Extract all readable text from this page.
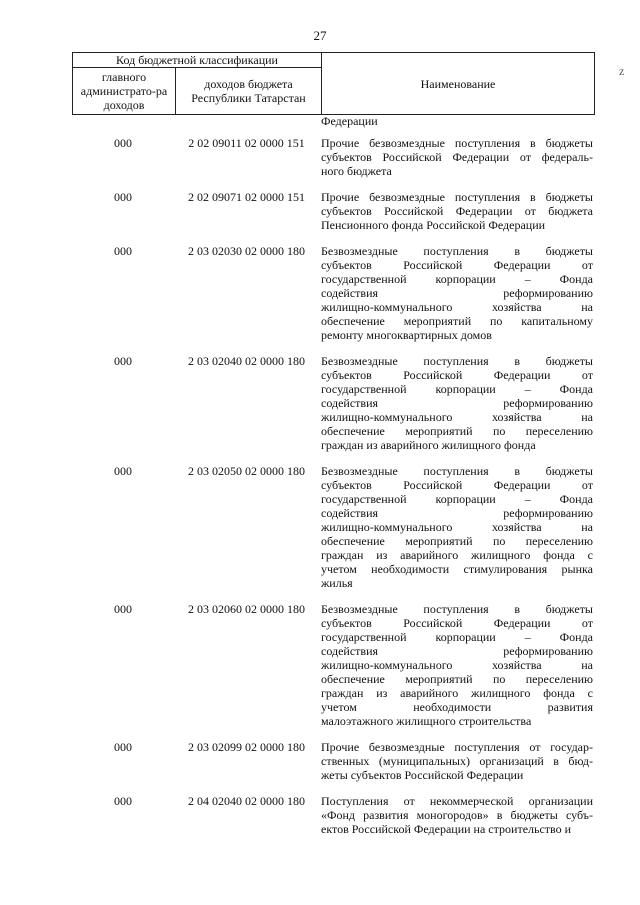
27
Код бюджетной классификации		Наименование
главного администрато-ра доходов	доходов бюджета Республики Татарстан	
z
Федерации
000	2 02 09011 02 0000 151	Прочие безвозмездные поступления в бюджеты
субъектов Российской Федерации от федераль-
ного бюджета
000	2 02 09071 02 0000 151	Прочие безвозмездные поступления в бюджеты
субъектов Российской Федерации от бюджета
Пенсионного фонда Российской Федерации
000	2 03 02030 02 0000 180	Безвозмездные поступления в бюджеты
субъектов Российской Федерации от
государственной корпорации – Фонда
содействия реформированию
жилищно-коммунального хозяйства на
обеспечение мероприятий по капитальному
ремонту многоквартирных домов
000	2 03 02040 02 0000 180	Безвозмездные поступления в бюджеты
субъектов Российской Федерации от
государственной корпорации – Фонда
содействия реформированию
жилищно-коммунального хозяйства на
обеспечение мероприятий по переселению
граждан из аварийного жилищного фонда
000	2 03 02050 02 0000 180	Безвозмездные поступления в бюджеты
субъектов Российской Федерации от
государственной корпорации – Фонда
содействия реформированию
жилищно-коммунального хозяйства на
обеспечение мероприятий по переселению
граждан из аварийного жилищного фонда с
учетом необходимости стимулирования рынка
жилья
000	2 03 02060 02 0000 180	Безвозмездные поступления в бюджеты
субъектов Российской Федерации от
государственной корпорации – Фонда
содействия реформированию
жилищно-коммунального хозяйства на
обеспечение мероприятий по переселению
граждан из аварийного жилищного фонда с
учетом необходимости развития
малоэтажного жилищного строительства
000	2 03 02099 02 0000 180	Прочие безвозмездные поступления от государ-
ственных (муниципальных) организаций в бюд-
жеты субъектов Российской Федерации
000	2 04 02040 02 0000 180	Поступления от некоммерческой организации
«Фонд развития моногородов» в бюджеты субъ-
ектов Российской Федерации на строительство и
